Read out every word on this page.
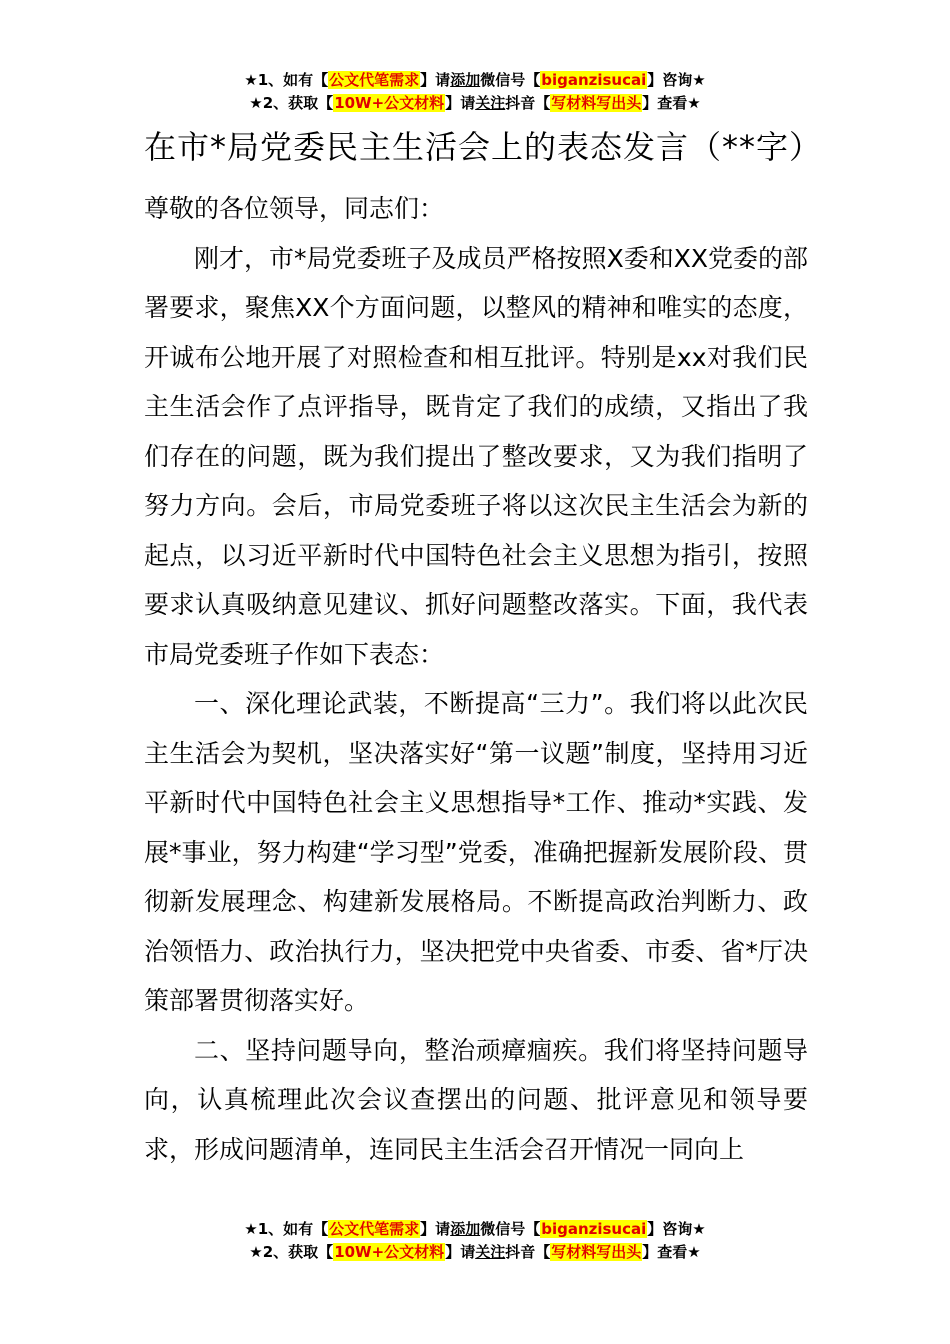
★1、如有【公文代笔需求】请添加微信号【biganzisucai】咨询★
★2、获取【10W+公文材料】请关注抖音【写材料写出头】查看★
在市*局党委民主生活会上的表态发言（**字）

尊敬的各位领导，同志们：

刚才，市*局党委班子及成员严格按照X委和XX党委的部署要求，聚焦XX个方面问题，以整风的精神和唯实的态度，开诚布公地开展了对照检查和相互批评。特别是xx对我们民主生活会作了点评指导，既肯定了我们的成绩，又指出了我们存在的问题，既为我们提出了整改要求，又为我们指明了努力方向。会后，市局党委班子将以这次民主生活会为新的起点，以习近平新时代中国特色社会主义思想为指引，按照要求认真吸纳意见建议、抓好问题整改落实。下面，我代表市局党委班子作如下表态：

一、深化理论武装，不断提高“三力”。我们将以此次民主生活会为契机，坚决落实好“第一议题”制度，坚持用习近平新时代中国特色社会主义思想指导*工作、推动*实践、发展*事业，努力构建“学习型”党委，准确把握新发展阶段、贯彻新发展理念、构建新发展格局。不断提高政治判断力、政治领悟力、政治执行力，坚决把党中央省委、市委、省*厅决策部署贯彻落实好。

二、坚持问题导向，整治顽瘴痼疾。我们将坚持问题导向，认真梳理此次会议查摆出的问题、批评意见和领导要求，形成问题清单，连同民主生活会召开情况一同向上

★1、如有【公文代笔需求】请添加微信号【biganzisucai】咨询★
★2、获取【10W+公文材料】请关注抖音【写材料写出头】查看★
